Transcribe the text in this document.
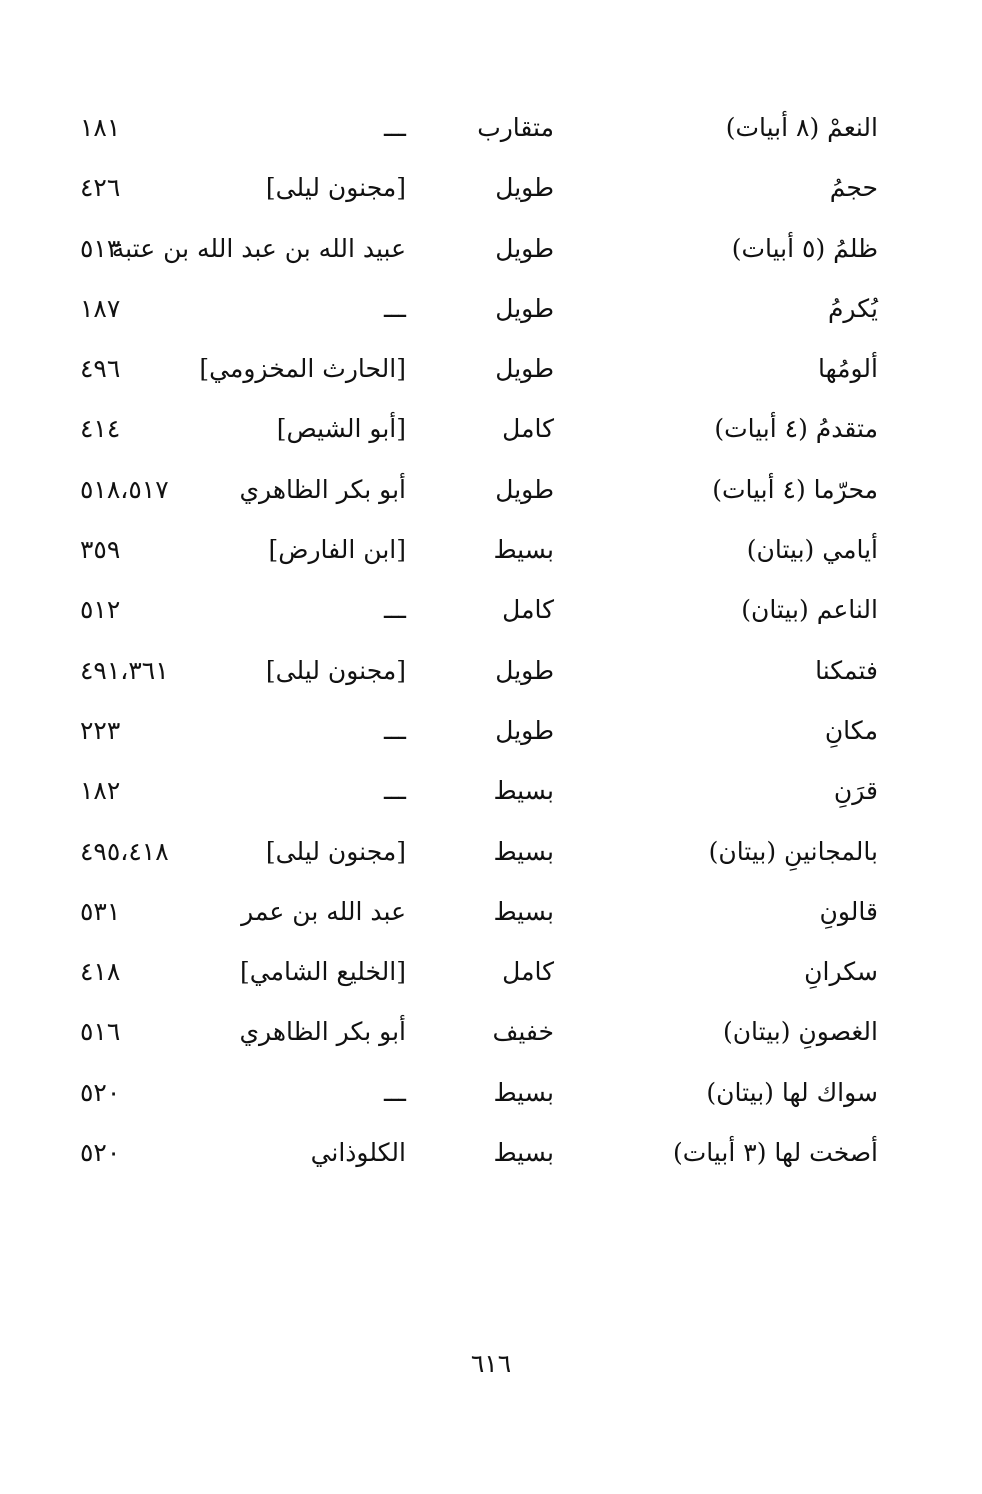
النعمْ (٨ أبيات)
متقارب
ـــ
١٨١
حجمُ
طويل
[مجنون ليلى]
٤٢٦
ظلمُ (٥ أبيات)
طويل
عبيد الله بن عبد الله بن عتبة
٥١٣
يُكرمُ
طويل
ـــ
١٨٧
ألومُها
طويل
[الحارث المخزومي]
٤٩٦
متقدمُ (٤ أبيات)
كامل
[أبو الشيص]
٤١٤
محرّما (٤ أبيات)
طويل
أبو بكر الظاهري
٥١٨،٥١٧
أيامي (بيتان)
بسيط
[ابن الفارض]
٣٥٩
الناعم (بيتان)
كامل
ـــ
٥١٢
فتمكنا
طويل
[مجنون ليلى]
٤٩١،٣٦١
مكانِ
طويل
ـــ
٢٢٣
قرَنِ
بسيط
ـــ
١٨٢
بالمجانينِ (بيتان)
بسيط
[مجنون ليلى]
٤٩٥،٤١٨
قالونِ
بسيط
عبد الله بن عمر
٥٣١
سكرانِ
كامل
[الخليع الشامي]
٤١٨
الغصونِ (بيتان)
خفيف
أبو بكر الظاهري
٥١٦
سواك لها (بيتان)
بسيط
ـــ
٥٢٠
أصخت لها (٣ أبيات)
بسيط
الكلوذاني
٥٢٠
٦١٦
